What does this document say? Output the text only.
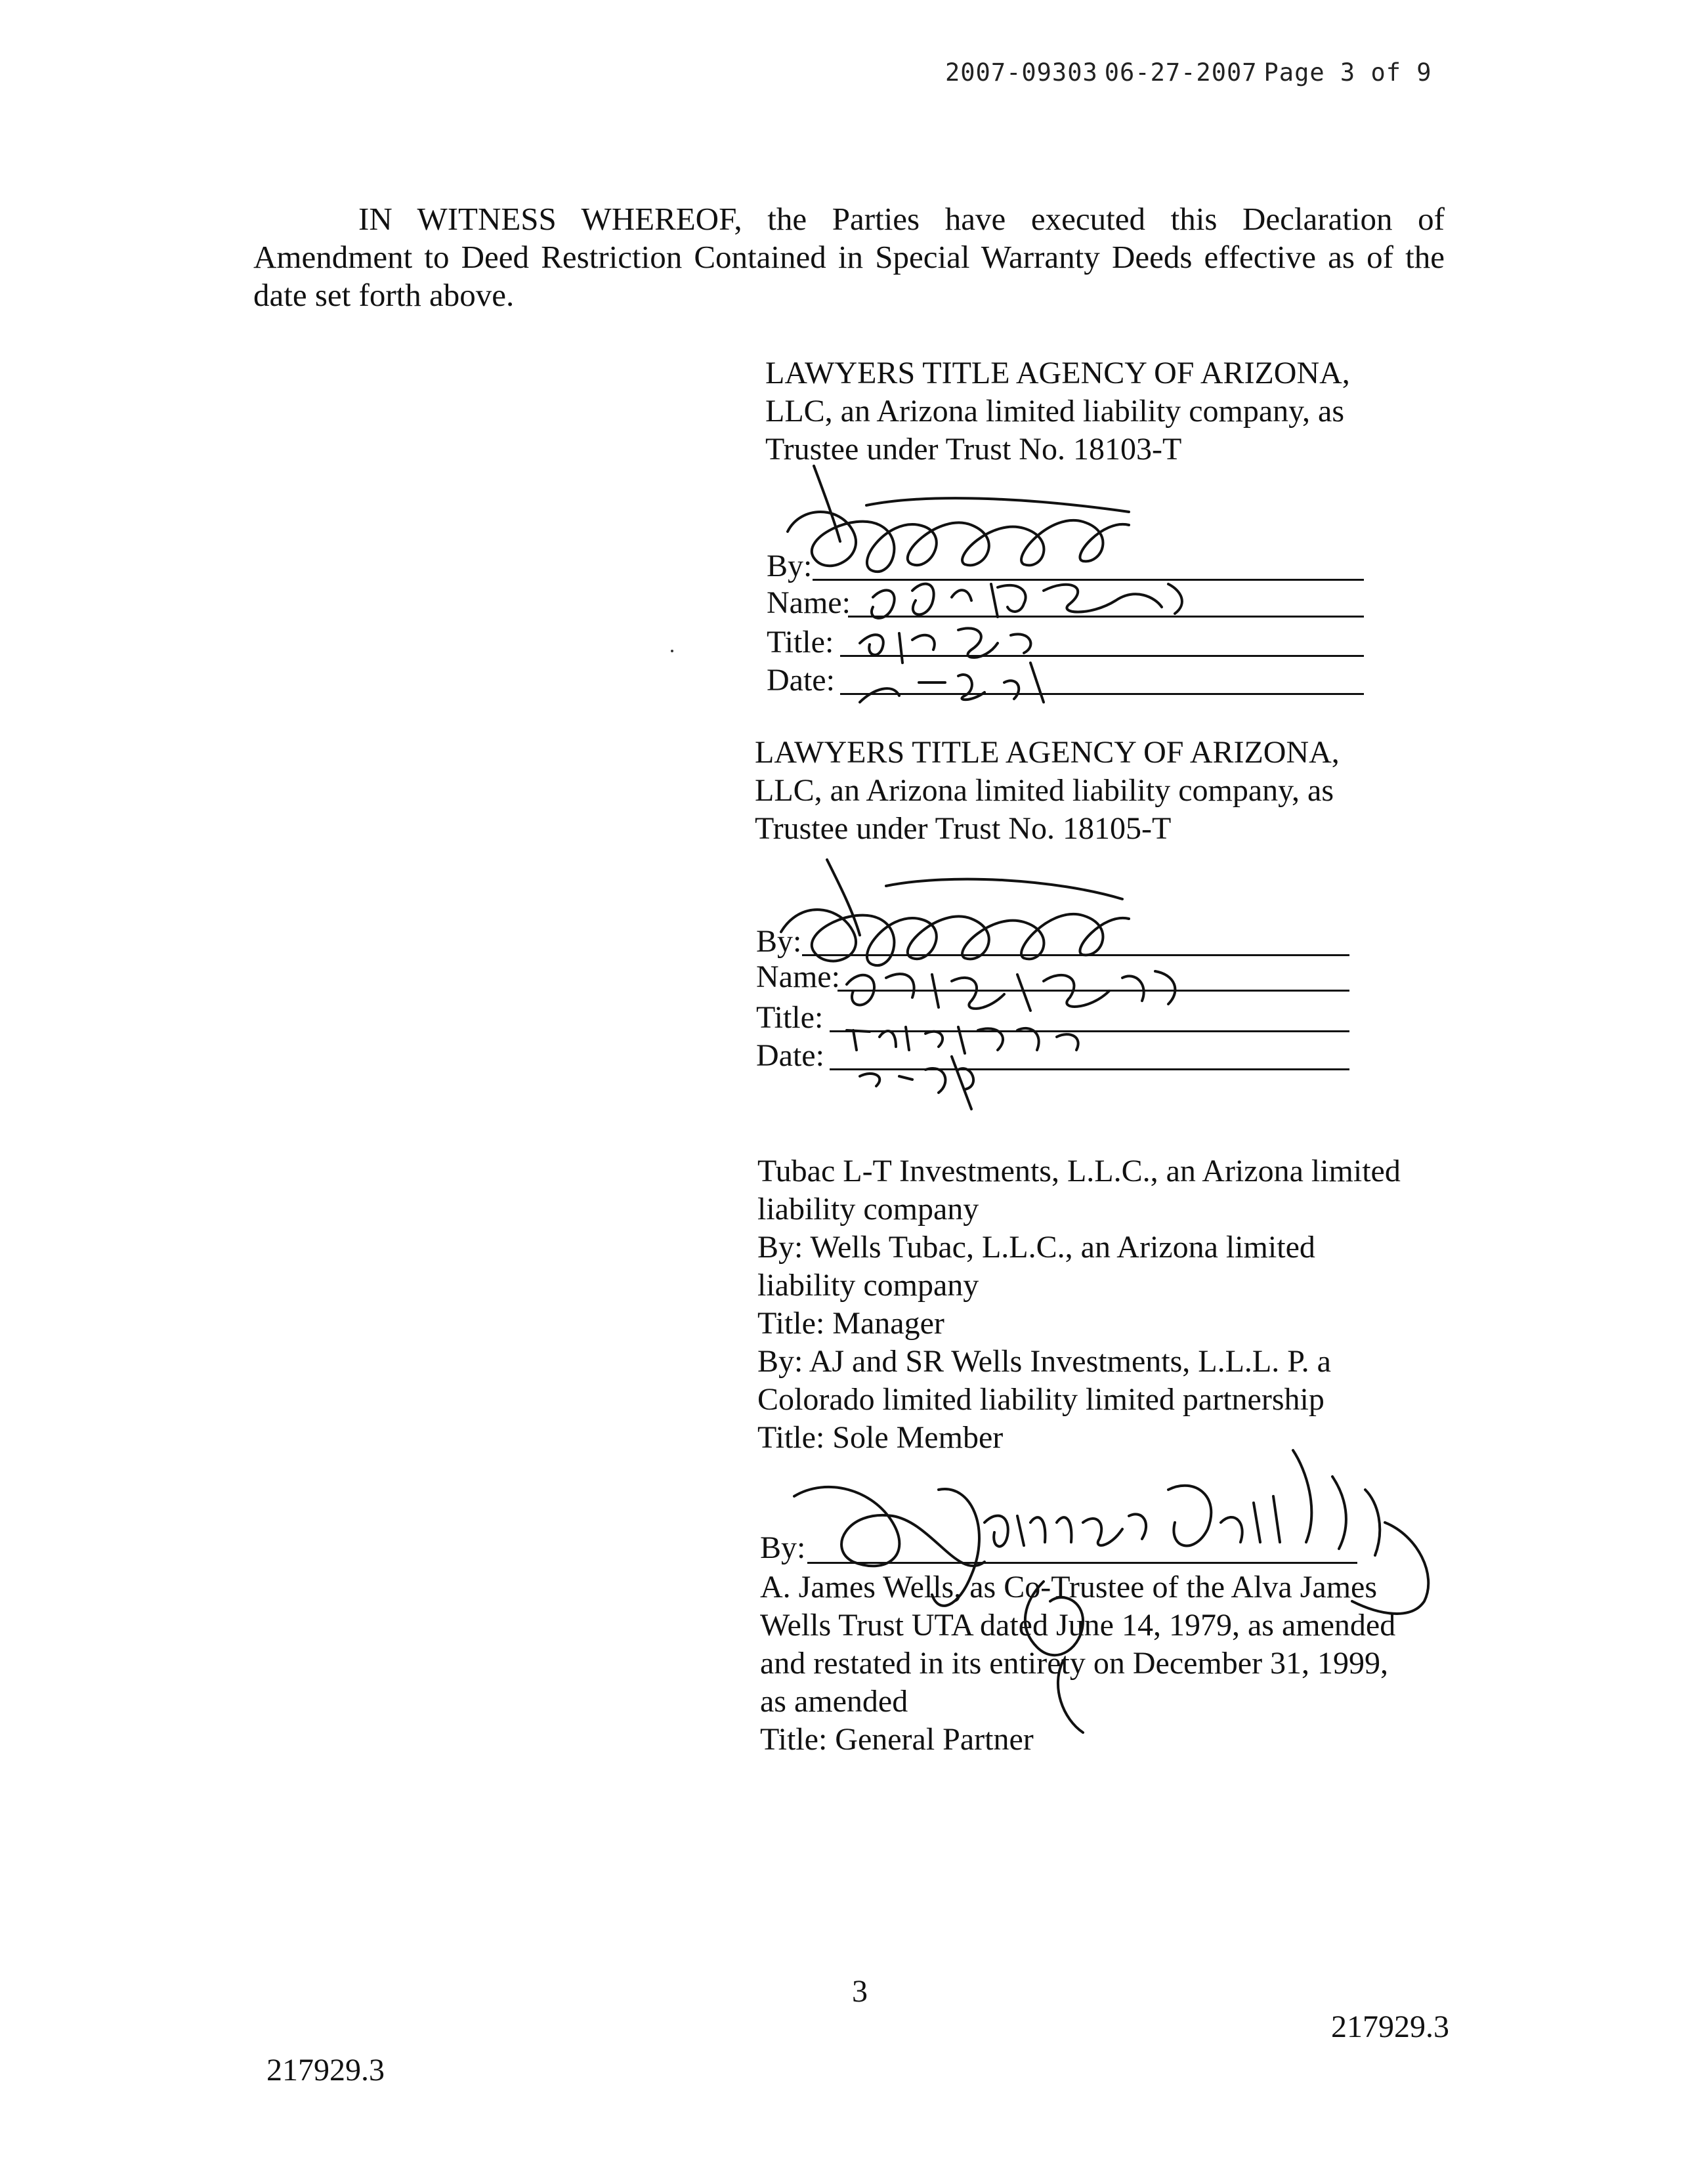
2007-09303 06-27-2007 Page 3 of 9
IN WITNESS WHEREOF, the Parties have executed this Declaration of Amendment to Deed Restriction Contained in Special Warranty Deeds effective as of the date set forth above.
LAWYERS TITLE AGENCY OF ARIZONA,
LLC, an Arizona limited liability company, as
Trustee under Trust No. 18103-T
By:
Name:
Title:
Date:
LAWYERS TITLE AGENCY OF ARIZONA,
LLC, an Arizona limited liability company, as
Trustee under Trust No. 18105-T
By:
Name:
Title:
Date:
Tubac L-T Investments, L.L.C., an Arizona limited
liability company
By: Wells Tubac, L.L.C., an Arizona limited
liability company
Title: Manager
By: AJ and SR Wells Investments, L.L.L. P. a
Colorado limited liability limited partnership
Title: Sole Member
By:
A. James Wells, as Co-Trustee of the Alva James
Wells Trust UTA dated June 14, 1979, as amended
and restated in its entirety on December 31, 1999,
as amended
Title: General Partner
3
217929.3
217929.3
